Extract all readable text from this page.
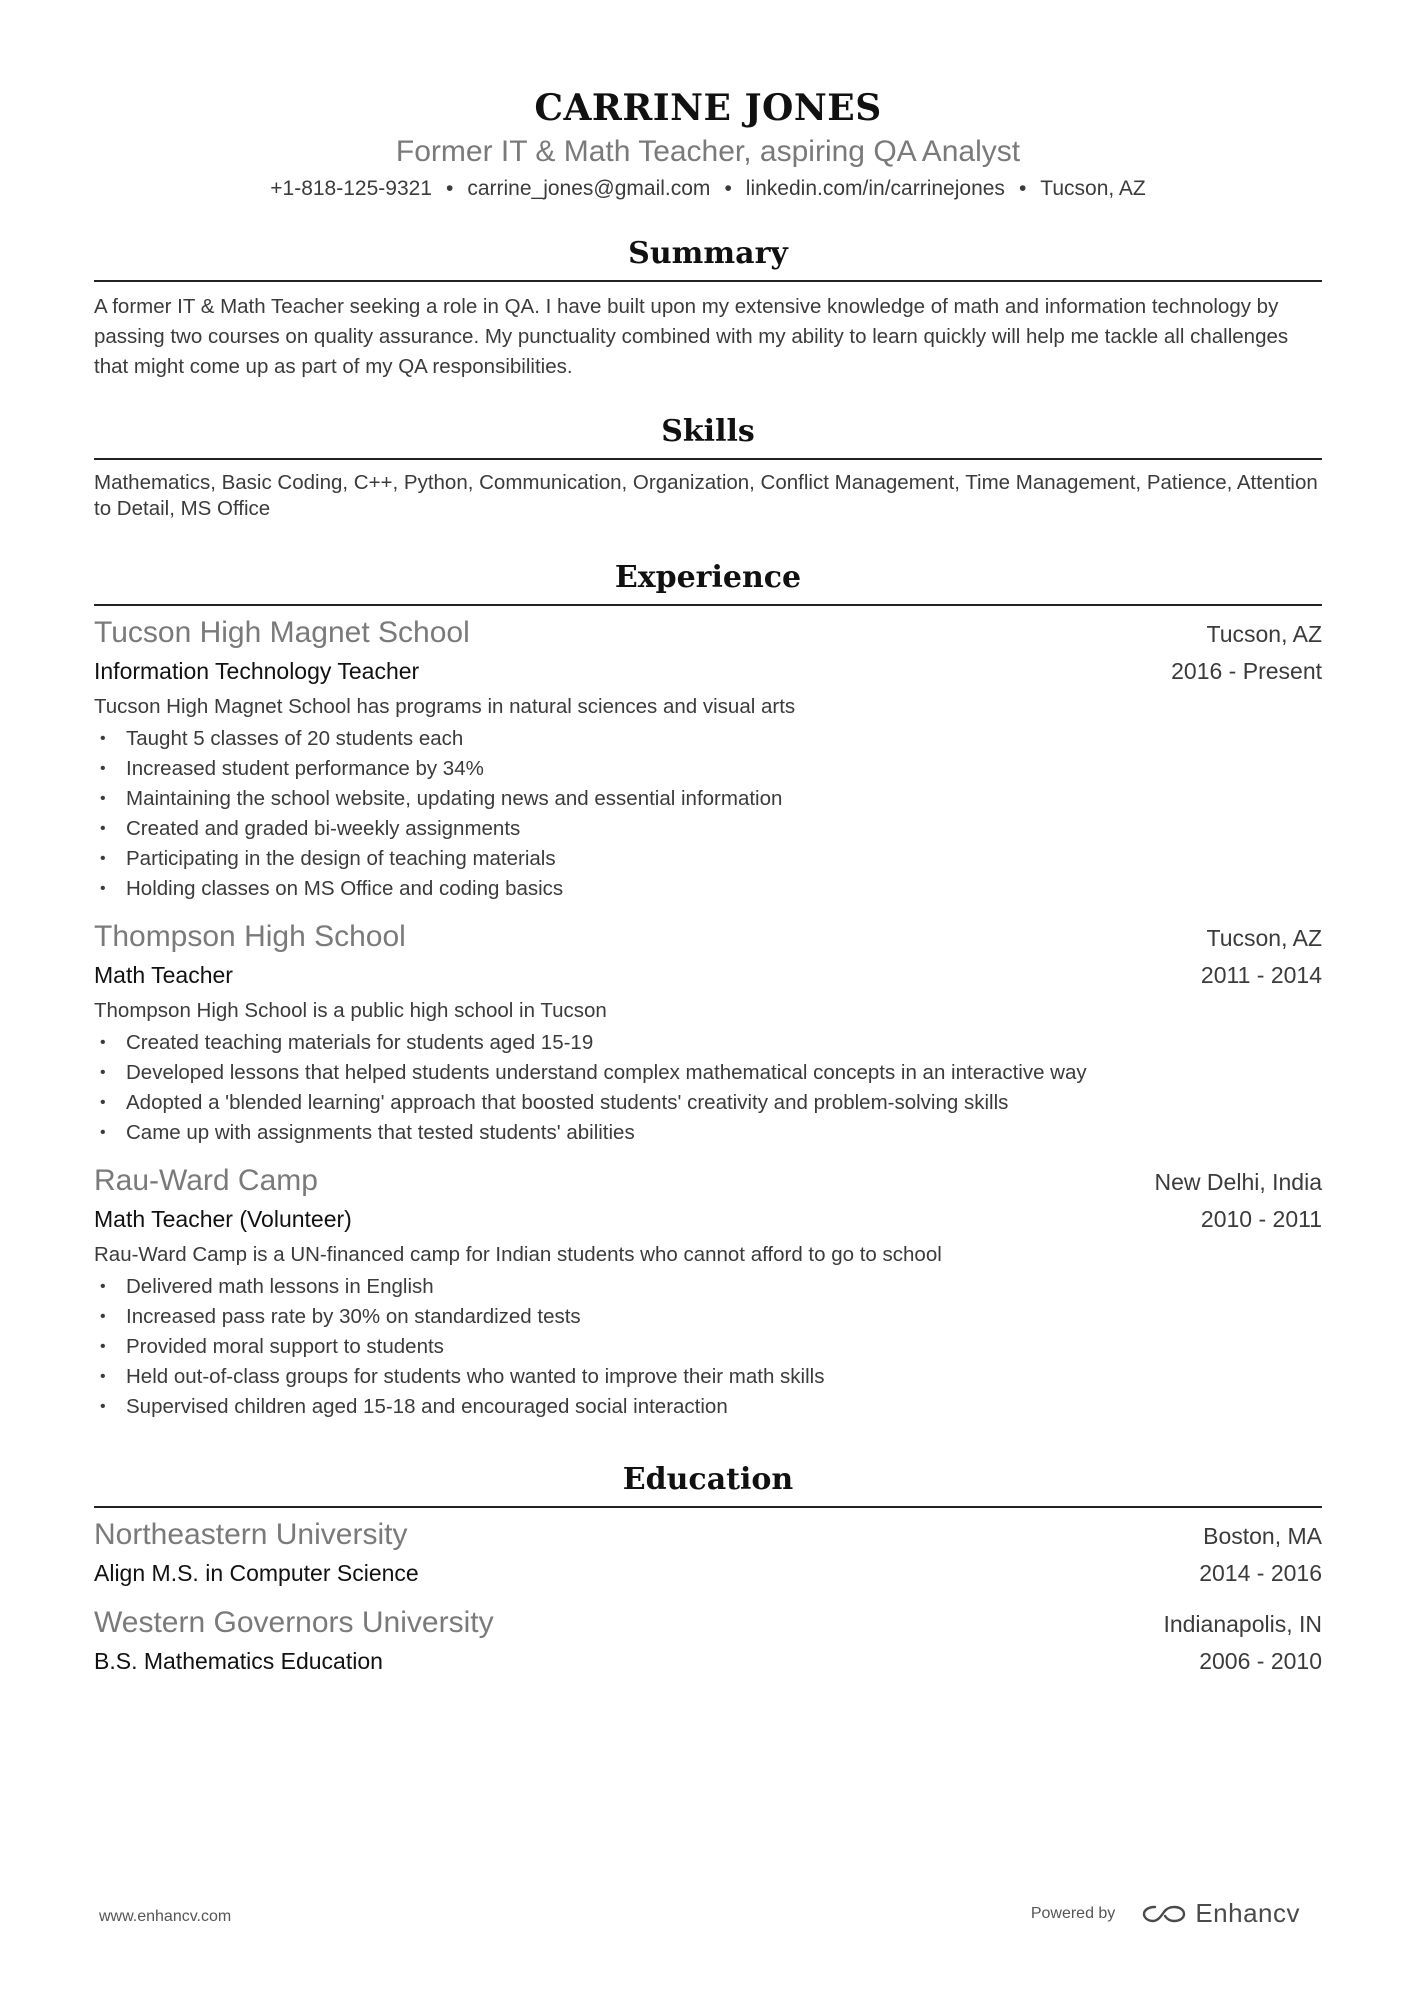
CARRINE JONES
Former IT & Math Teacher, aspiring QA Analyst
+1-818-125-9321 • carrine_jones@gmail.com • linkedin.com/in/carrinejones • Tucson, AZ
Summary
A former IT & Math Teacher seeking a role in QA. I have built upon my extensive knowledge of math and information technology by passing two courses on quality assurance. My punctuality combined with my ability to learn quickly will help me tackle all challenges that might come up as part of my QA responsibilities.
Skills
Mathematics, Basic Coding, C++, Python, Communication, Organization, Conflict Management, Time Management, Patience, Attention to Detail, MS Office
Experience
Tucson High Magnet School	Tucson, AZ
Information Technology Teacher	2016 - Present
Tucson High Magnet School has programs in natural sciences and visual arts
• Taught 5 classes of 20 students each
• Increased student performance by 34%
• Maintaining the school website, updating news and essential information
• Created and graded bi-weekly assignments
• Participating in the design of teaching materials
• Holding classes on MS Office and coding basics
Thompson High School	Tucson, AZ
Math Teacher	2011 - 2014
Thompson High School is a public high school in Tucson
• Created teaching materials for students aged 15-19
• Developed lessons that helped students understand complex mathematical concepts in an interactive way
• Adopted a 'blended learning' approach that boosted students' creativity and problem-solving skills
• Came up with assignments that tested students' abilities
Rau-Ward Camp	New Delhi, India
Math Teacher (Volunteer)	2010 - 2011
Rau-Ward Camp is a UN-financed camp for Indian students who cannot afford to go to school
• Delivered math lessons in English
• Increased pass rate by 30% on standardized tests
• Provided moral support to students
• Held out-of-class groups for students who wanted to improve their math skills
• Supervised children aged 15-18 and encouraged social interaction
Education
Northeastern University	Boston, MA
Align M.S. in Computer Science	2014 - 2016
Western Governors University	Indianapolis, IN
B.S. Mathematics Education	2006 - 2010
www.enhancv.com	Powered by	Enhancv
